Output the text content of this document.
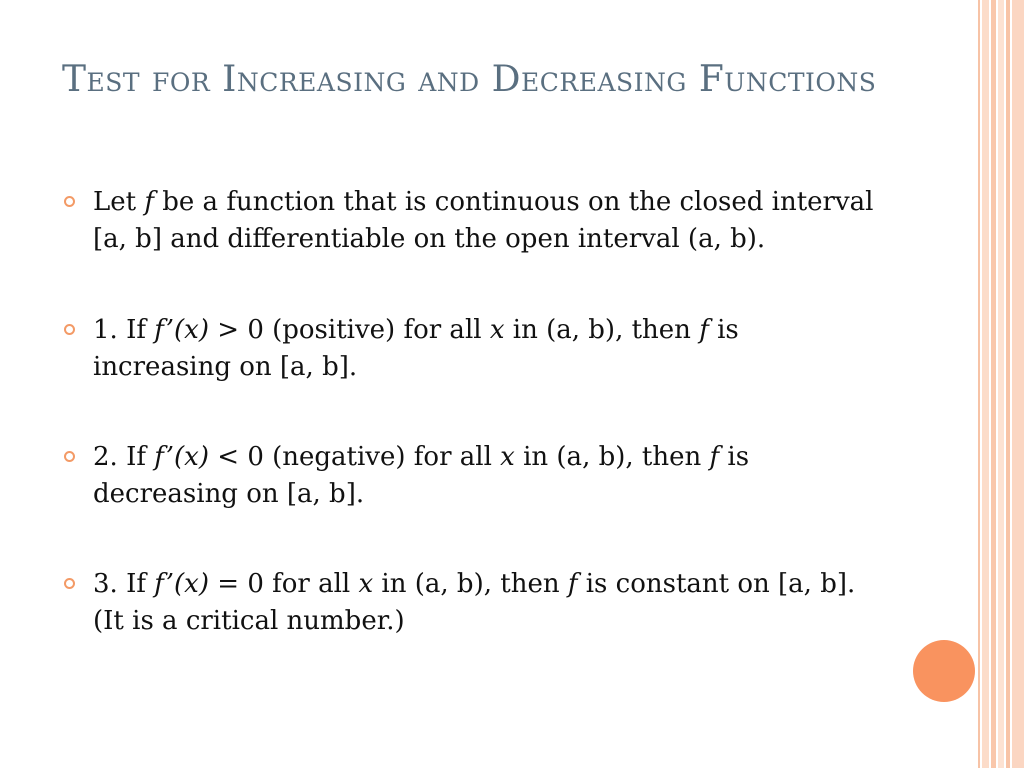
Test for Increasing and Decreasing Functions
Let f be a function that is continuous on the closed interval [a, b] and differentiable on the open interval (a, b).
1. If f’(x) > 0 (positive) for all x in (a, b), then f is increasing on [a, b].
2. If f’(x) < 0 (negative) for all x in (a, b), then f is decreasing on [a, b].
3. If f’(x) = 0 for all x in (a, b), then f is constant on [a, b]. (It is a critical number.)
